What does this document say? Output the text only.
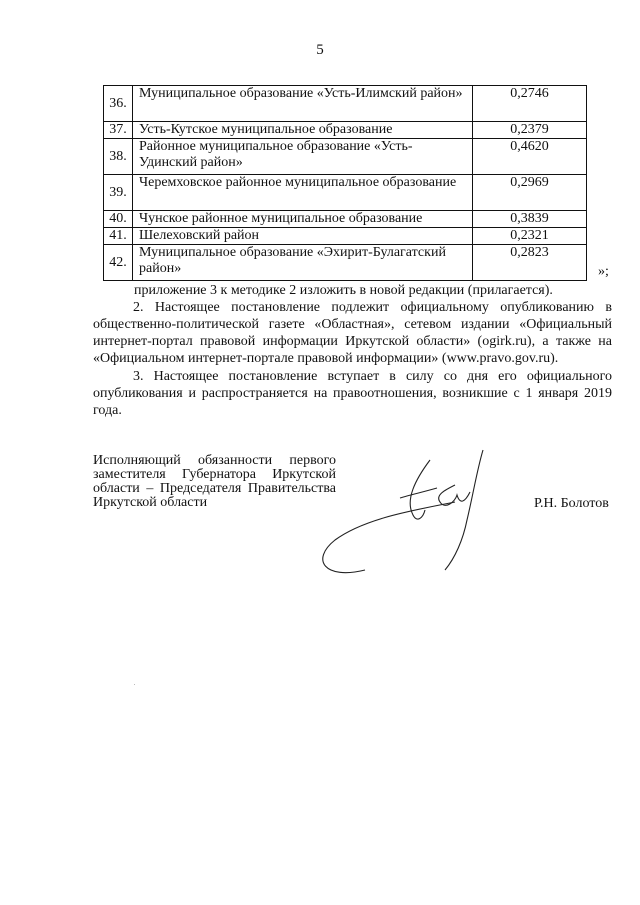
5
36.	Муниципальное образование «Усть-Илимский район»	0,2746
37.	Усть-Кутское муниципальное образование	0,2379
38.	Районное муниципальное образование «Усть-Удинский район»	0,4620
39.	Черемховское районное муниципальное образование	0,2969
40.	Чунское районное муниципальное образование	0,3839
41.	Шелеховский район	0,2321
42.	Муниципальное образование «Эхирит-Булагатский район»	0,2823
»;
приложение 3 к методике 2 изложить в новой редакции (прилагается).
2. Настоящее постановление подлежит официальному опубликованию в общественно-политической газете «Областная», сетевом издании «Официальный интернет-портал правовой информации Иркутской области» (ogirk.ru), а также на «Официальном интернет-портале правовой информации» (www.pravo.gov.ru).
3. Настоящее постановление вступает в силу со дня его официального опубликования и распространяется на правоотношения, возникшие с 1 января 2019 года.
Исполняющий обязанности первого заместителя Губернатора Иркутской области – Председателя Правительства Иркутской области	Р.Н. Болотов
